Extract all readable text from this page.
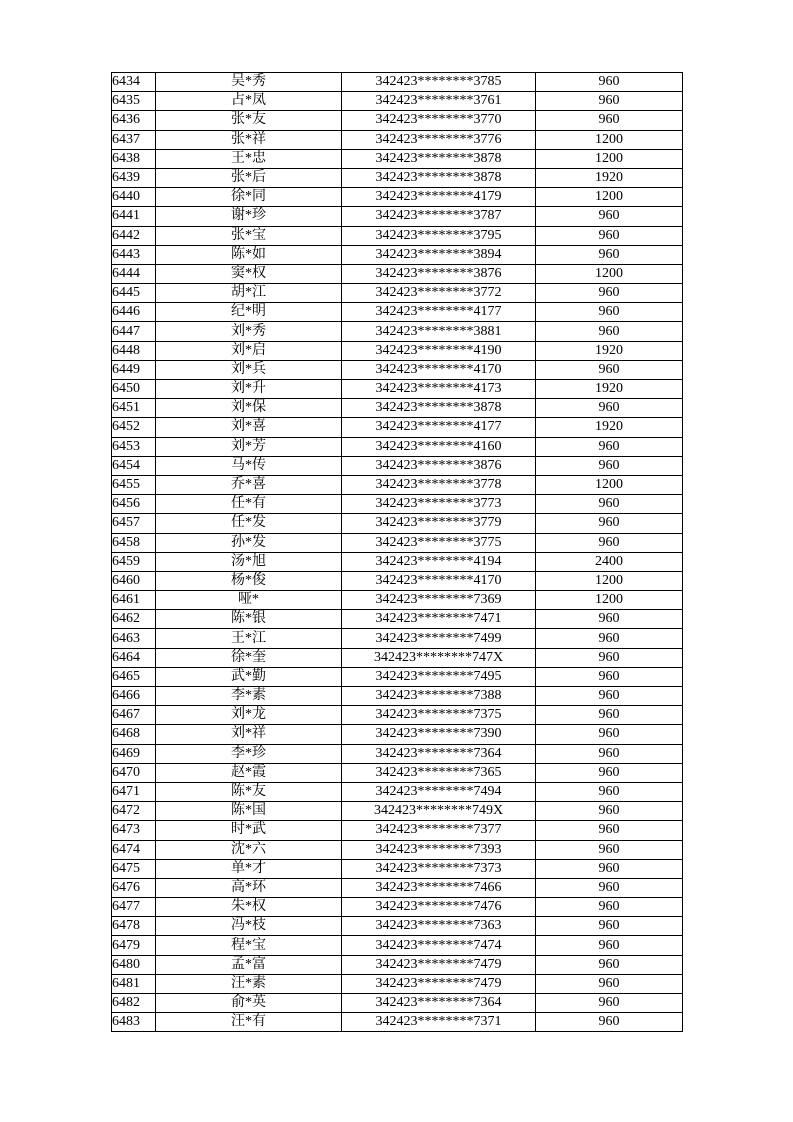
6434	吴*秀	342423********3785	960
6435	占*凤	342423********3761	960
6436	张*友	342423********3770	960
6437	张*祥	342423********3776	1200
6438	王*忠	342423********3878	1200
6439	张*后	342423********3878	1920
6440	徐*同	342423********4179	1200
6441	谢*珍	342423********3787	960
6442	张*宝	342423********3795	960
6443	陈*如	342423********3894	960
6444	窦*权	342423********3876	1200
6445	胡*江	342423********3772	960
6446	纪*明	342423********4177	960
6447	刘*秀	342423********3881	960
6448	刘*启	342423********4190	1920
6449	刘*兵	342423********4170	960
6450	刘*升	342423********4173	1920
6451	刘*保	342423********3878	960
6452	刘*喜	342423********4177	1920
6453	刘*芳	342423********4160	960
6454	马*传	342423********3876	960
6455	乔*喜	342423********3778	1200
6456	任*有	342423********3773	960
6457	任*发	342423********3779	960
6458	孙*发	342423********3775	960
6459	汤*旭	342423********4194	2400
6460	杨*俊	342423********4170	1200
6461	哑*	342423********7369	1200
6462	陈*银	342423********7471	960
6463	王*江	342423********7499	960
6464	徐*奎	342423********747X	960
6465	武*勤	342423********7495	960
6466	李*素	342423********7388	960
6467	刘*龙	342423********7375	960
6468	刘*祥	342423********7390	960
6469	李*珍	342423********7364	960
6470	赵*霞	342423********7365	960
6471	陈*友	342423********7494	960
6472	陈*国	342423********749X	960
6473	时*武	342423********7377	960
6474	沈*六	342423********7393	960
6475	单*才	342423********7373	960
6476	高*环	342423********7466	960
6477	朱*权	342423********7476	960
6478	冯*枝	342423********7363	960
6479	程*宝	342423********7474	960
6480	孟*富	342423********7479	960
6481	汪*素	342423********7479	960
6482	俞*英	342423********7364	960
6483	汪*有	342423********7371	960
